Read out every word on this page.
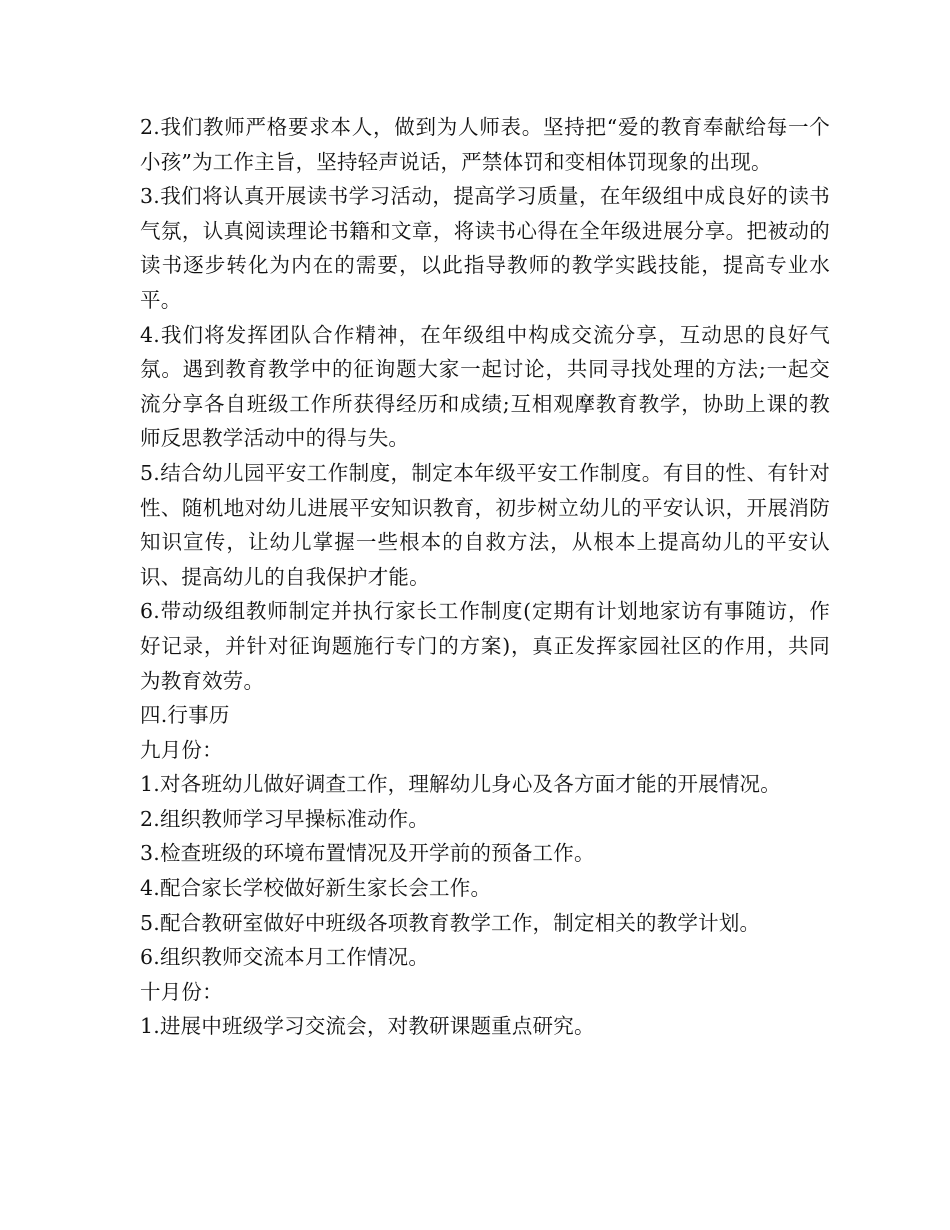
2.我们教师严格要求本人，做到为人师表。坚持把“爱的教育奉献给每一个小孩”为工作主旨，坚持轻声说话，严禁体罚和变相体罚现象的出现。

3.我们将认真开展读书学习活动，提高学习质量，在年级组中成良好的读书气氛，认真阅读理论书籍和文章，将读书心得在全年级进展分享。把被动的读书逐步转化为内在的需要，以此指导教师的教学实践技能，提高专业水平。

4.我们将发挥团队合作精神，在年级组中构成交流分享，互动思的良好气氛。遇到教育教学中的征询题大家一起讨论，共同寻找处理的方法;一起交流分享各自班级工作所获得经历和成绩;互相观摩教育教学，协助上课的教师反思教学活动中的得与失。

5.结合幼儿园平安工作制度，制定本年级平安工作制度。有目的性、有针对性、随机地对幼儿进展平安知识教育，初步树立幼儿的平安认识，开展消防知识宣传，让幼儿掌握一些根本的自救方法，从根本上提高幼儿的平安认识、提高幼儿的自我保护才能。

6.带动级组教师制定并执行家长工作制度(定期有计划地家访有事随访，作好记录，并针对征询题施行专门的方案)，真正发挥家园社区的作用，共同为教育效劳。

四.行事历

九月份：

1.对各班幼儿做好调查工作，理解幼儿身心及各方面才能的开展情况。

2.组织教师学习早操标准动作。

3.检查班级的环境布置情况及开学前的预备工作。

4.配合家长学校做好新生家长会工作。

5.配合教研室做好中班级各项教育教学工作，制定相关的教学计划。

6.组织教师交流本月工作情况。

十月份：

1.进展中班级学习交流会，对教研课题重点研究。
